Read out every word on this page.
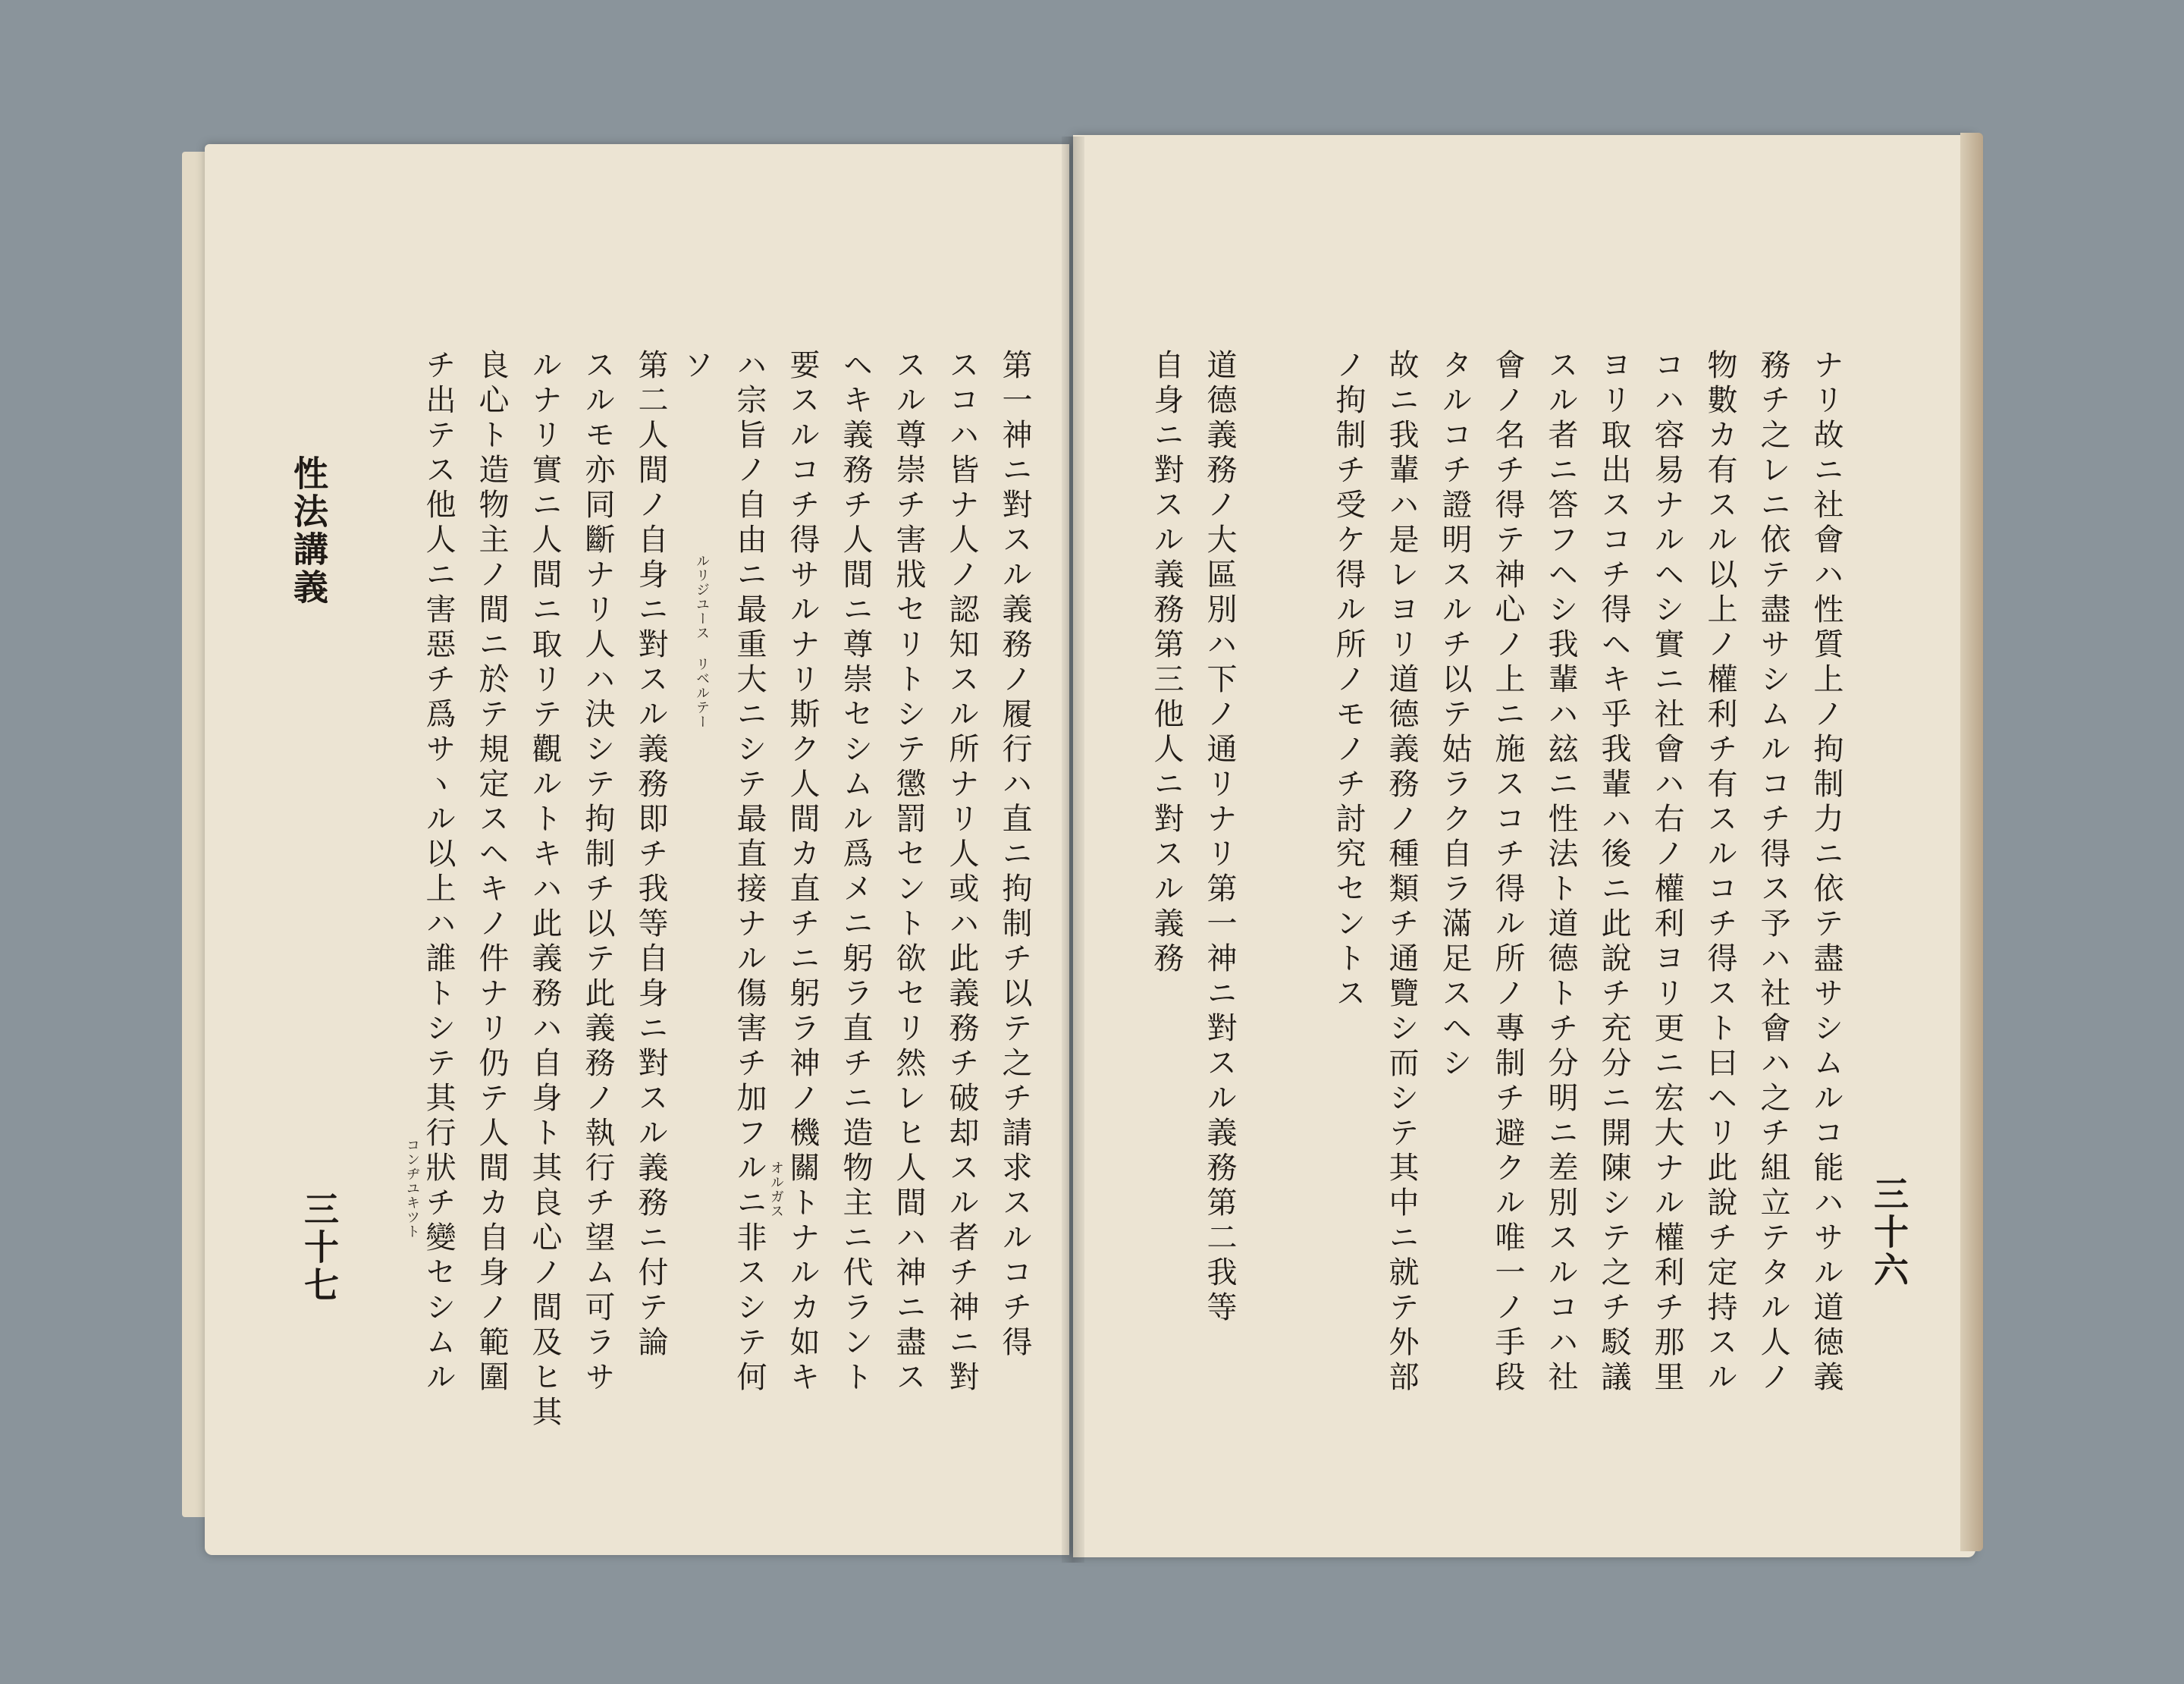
三十六
ナリ故ニ社會ハ性質上ノ拘制力ニ依テ盡サシムルコ能ハサル道徳義
務チ之レニ依テ盡サシムルコチ得ス予ハ社會ハ之チ組立テタル人ノ
物數カ有スル以上ノ權利チ有スルコチ得スト曰ヘリ此說チ定持スル
コハ容易ナルヘシ實ニ社會ハ右ノ權利ヨリ更ニ宏大ナル權利チ那里
ヨリ取出スコチ得ヘキ乎我輩ハ後ニ此說チ充分ニ開陳シテ之チ駁議
スル者ニ答フヘシ我輩ハ玆ニ性法ト道德トチ分明ニ差別スルコハ社
會ノ名チ得テ神心ノ上ニ施スコチ得ル所ノ專制チ避クル唯一ノ手段
タルコチ證明スルチ以テ姑ラク自ラ滿足スヘシ
故ニ我輩ハ是レヨリ道德義務ノ種類チ通覽シ而シテ其中ニ就テ外部
ノ拘制チ受ケ得ル所ノモノチ討究セントス
道德義務ノ大區別ハ下ノ通リナリ第一神ニ對スル義務第二我等
自身ニ對スル義務第三他人ニ對スル義務
第一神ニ對スル義務ノ履行ハ直ニ拘制チ以テ之チ請求スルコチ得
スコハ皆ナ人ノ認知スル所ナリ人或ハ此義務チ破却スル者チ神ニ對
スル尊崇チ害戕セリトシテ懲罰セント欲セリ然レヒ人間ハ神ニ盡ス
ヘキ義務チ人間ニ尊崇セシムル爲メニ躬ラ直チニ造物主ニ代ラント
要スルコチ得サルナリ斯ク人間カ直チニ躬ラ神ノ機關トナルカ如キ
ハ宗旨ノ自由ニ最重大ニシテ最直接ナル傷害チ加フルニ非スシテ何
ソ
第二人間ノ自身ニ對スル義務即チ我等自身ニ對スル義務ニ付テ論
スルモ亦同斷ナリ人ハ決シテ拘制チ以テ此義務ノ執行チ望ム可ラサ
ルナリ實ニ人間ニ取リテ觀ルトキハ此義務ハ自身ト其良心ノ間及ヒ其
良心ト造物主ノ間ニ於テ規定スヘキノ件ナリ仍テ人間カ自身ノ範圍
チ出テス他人ニ害惡チ爲サヽル以上ハ誰トシテ其行狀チ變セシムル	ルリジユース リベルテー
オルガス
コンヂユキツト
性法講義
三十七
